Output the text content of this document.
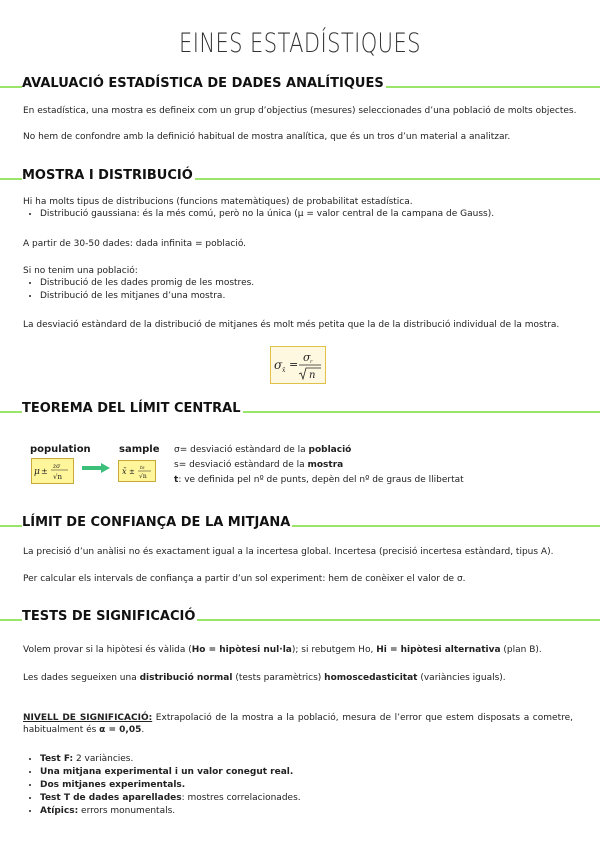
EINES ESTADÍSTIQUES
AVALUACIÓ ESTADÍSTICA DE DADES ANALÍTIQUES
En estadística, una mostra es defineix com un grup d’objectius (mesures) seleccionades d’una població de molts objectes.
No hem de confondre amb la definició habitual de mostra analítica, que és un tros d’un material a analitzar.
MOSTRA I DISTRIBUCIÓ
Hi ha molts tipus de distribucions (funcions matemàtiques) de probabilitat estadística.
• Distribució gaussiana: és la més comú, però no la única (μ = valor central de la campana de Gauss).
A partir de 30-50 dades: dada infinita = població.
Si no tenim una població:
• Distribució de les dades promig de les mostres.
• Distribució de les mitjanes d’una mostra.
La desviació estàndard de la distribució de mitjanes és molt més petita que la de la distribució individual de la mostra.
σ x̄ =
σ r
n
TEOREMA DEL LÍMIT CENTRAL
population	sample
μ ±
zσ
√n
x̄ ± ts
√n
σ= desviació estàndard de la població
s= desviació estàndard de la mostra
t: ve definida pel nº de punts, depèn del nº de graus de llibertat
LÍMIT DE CONFIANÇA DE LA MITJANA
La precisió d’un anàlisi no és exactament igual a la incertesa global. Incertesa (precisió incertesa estàndard, tipus A).
Per calcular els intervals de confiança a partir d’un sol experiment: hem de conèixer el valor de σ.
TESTS DE SIGNIFICACIÓ
Volem provar si la hipòtesi és vàlida (Ho = hipòtesi nul·la); si rebutgem Ho, Hi = hipòtesi alternativa (plan B).
Les dades segueixen una distribució normal (tests paramètrics) homoscedasticitat (variàncies iguals).
NIVELL DE SIGNIFICACIÓ: Extrapolació de la mostra a la població, mesura de l’error que estem disposats a cometre, habitualment és α = 0,05.
• Test F: 2 variàncies.
• Una mitjana experimental i un valor conegut real.
• Dos mitjanes experimentals.
• Test T de dades aparellades: mostres correlacionades.
• Atípics: errors monumentals.
